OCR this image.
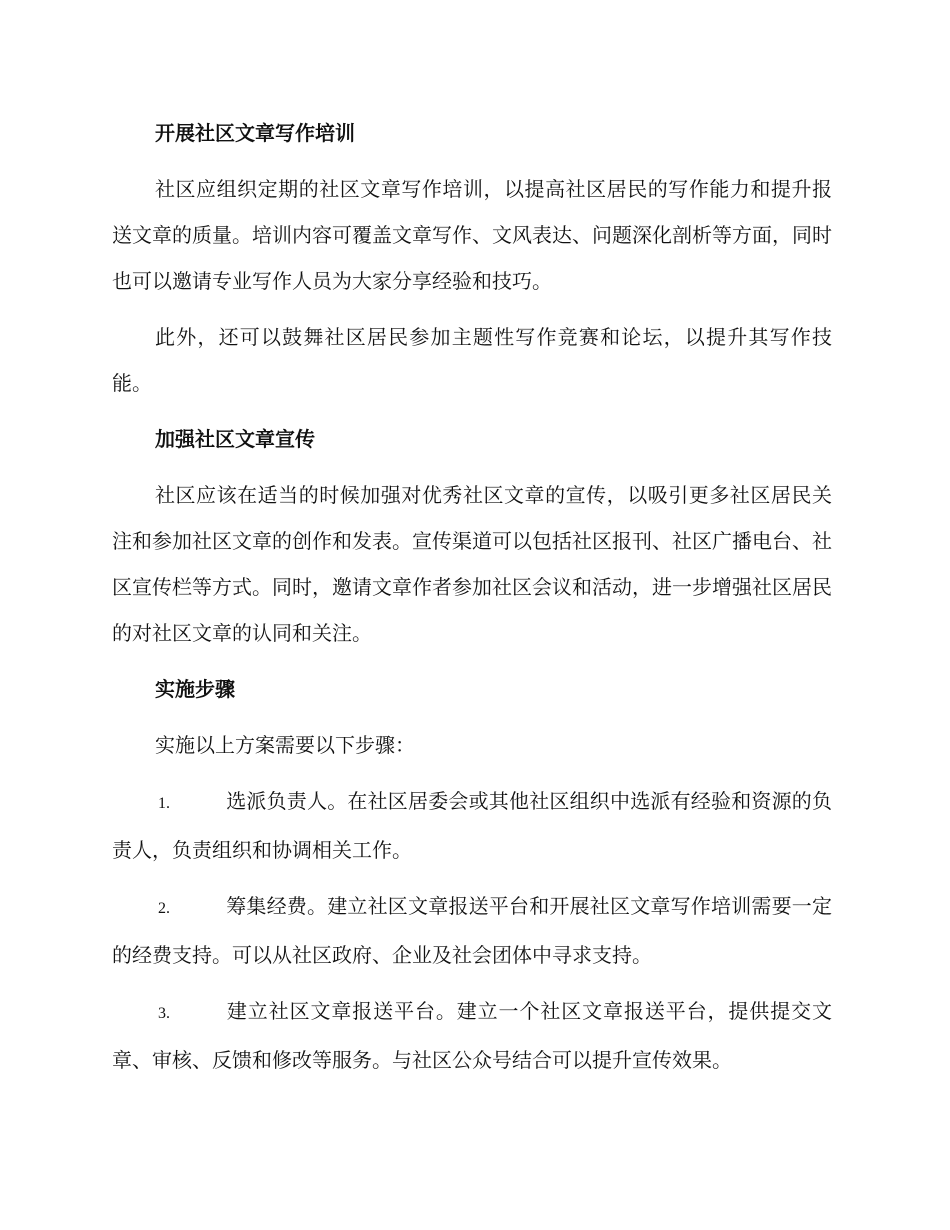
开展社区文章写作培训
社区应组织定期的社区文章写作培训，以提高社区居民的写作能力和提升报送文章的质量。培训内容可覆盖文章写作、文风表达、问题深化剖析等方面，同时也可以邀请专业写作人员为大家分享经验和技巧。
此外，还可以鼓舞社区居民参加主题性写作竞赛和论坛，以提升其写作技能。
加强社区文章宣传
社区应该在适当的时候加强对优秀社区文章的宣传，以吸引更多社区居民关注和参加社区文章的创作和发表。宣传渠道可以包括社区报刊、社区广播电台、社区宣传栏等方式。同时，邀请文章作者参加社区会议和活动，进一步增强社区居民的对社区文章的认同和关注。
实施步骤
实施以上方案需要以下步骤：
1.	选派负责人。在社区居委会或其他社区组织中选派有经验和资源的负责人，负责组织和协调相关工作。
2.	筹集经费。建立社区文章报送平台和开展社区文章写作培训需要一定的经费支持。可以从社区政府、企业及社会团体中寻求支持。
3.	建立社区文章报送平台。建立一个社区文章报送平台，提供提交文章、审核、反馈和修改等服务。与社区公众号结合可以提升宣传效果。
